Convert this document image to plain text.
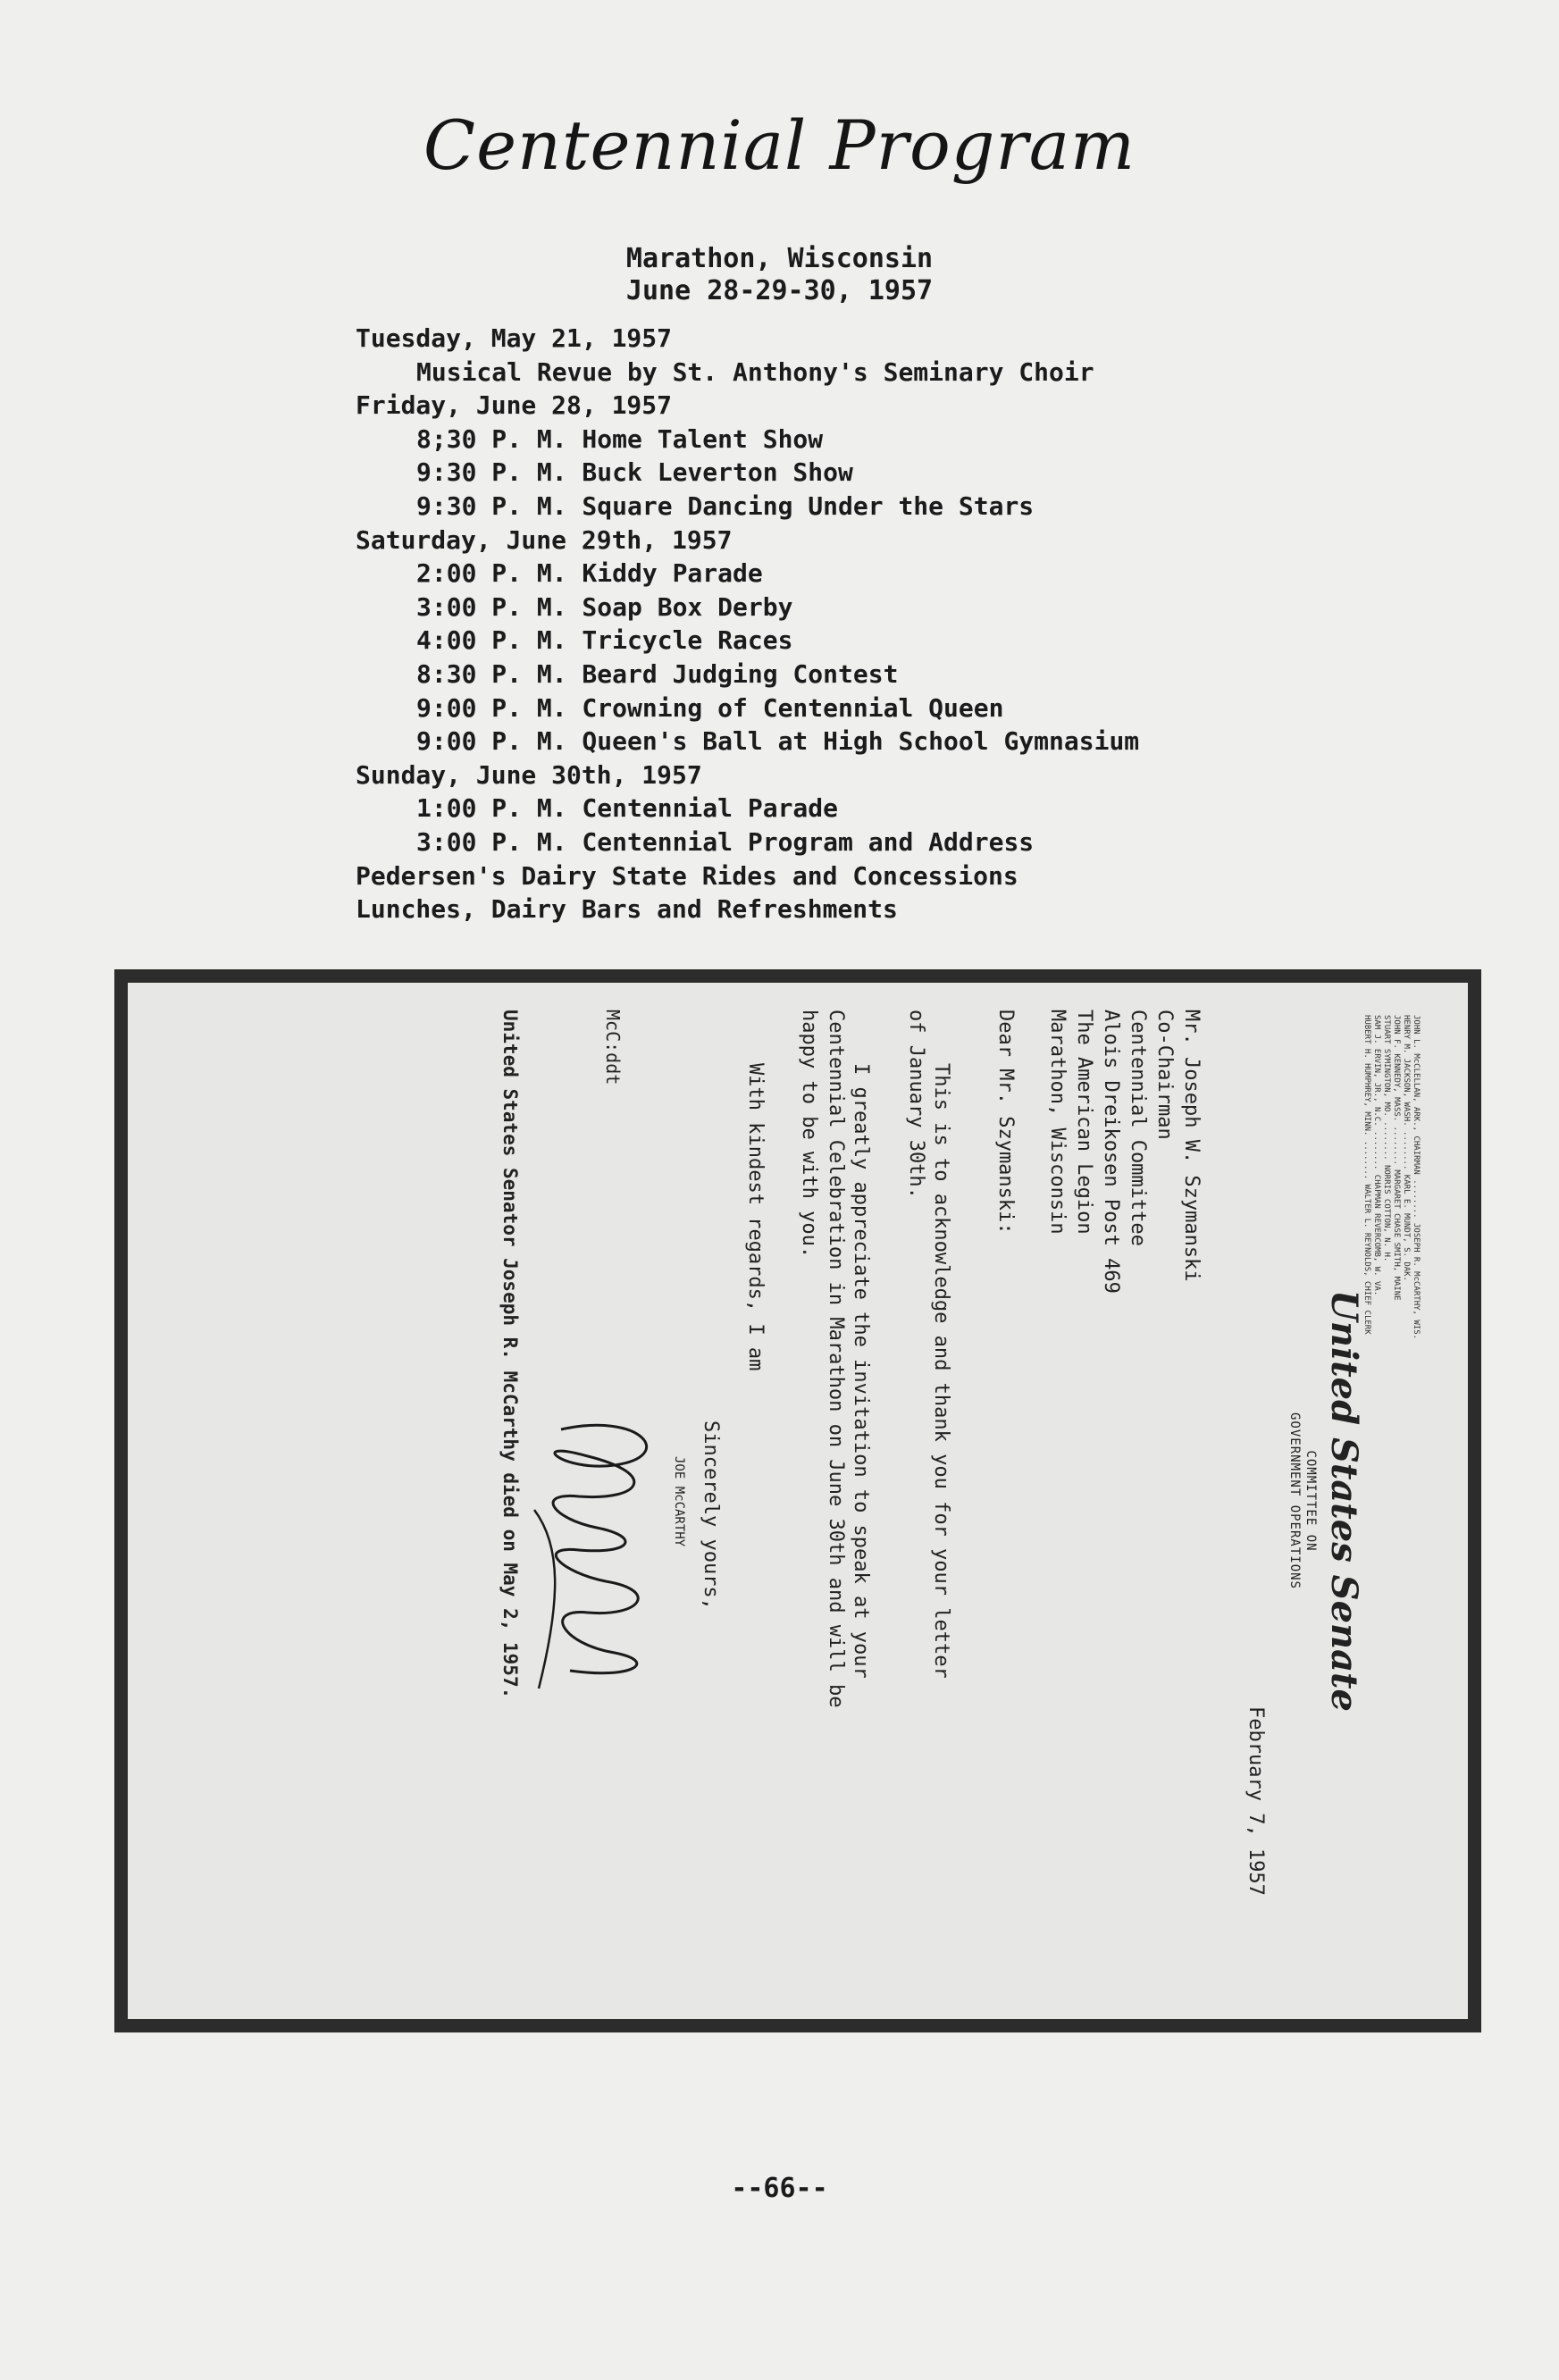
Centennial Program
Marathon, Wisconsin
June 28-29-30, 1957
Tuesday, May 21, 1957
Musical Revue by St. Anthony's Seminary Choir
Friday, June 28, 1957
8;30 P. M. Home Talent Show
9:30 P. M. Buck Leverton Show
9:30 P. M. Square Dancing Under the Stars
Saturday, June 29th, 1957
2:00 P. M. Kiddy Parade
3:00 P. M. Soap Box Derby
4:00 P. M. Tricycle Races
8:30 P. M. Beard Judging Contest
9:00 P. M. Crowning of Centennial Queen
9:00 P. M. Queen's Ball at High School Gymnasium
Sunday, June 30th, 1957
1:00 P. M. Centennial Parade
3:00 P. M. Centennial Program and Address
Pedersen's Dairy State Rides and Concessions
Lunches, Dairy Bars and Refreshments
JOHN L. McCLELLAN, ARK., CHAIRMAN ........ JOSEPH R. McCARTHY, WIS.
HENRY M. JACKSON, WASH. ........ KARL E. MUNDT, S. DAK.
JOHN F. KENNEDY, MASS. ........ MARGARET CHASE SMITH, MAINE
STUART SYMINGTON, MO. ........ NORRIS COTTON, N. H.
SAM J. ERVIN, JR., N.C. ........ CHAPMAN REVERCOMB, W. VA.
HUBERT H. HUMPHREY, MINN. ........ WALTER L. REYNOLDS, CHIEF CLERK
United States Senate
COMMITTEE ON
GOVERNMENT OPERATIONS
February 7, 1957
Mr. Joseph W. Szymanski
Co-Chairman
Centennial Committee
Alois Dreikosen Post 469
The American Legion
Marathon, Wisconsin
Dear Mr. Szymanski:
This is to acknowledge and thank you for your letter
of January 30th.
I greatly appreciate the invitation to speak at your
Centennial Celebration in Marathon on June 30th and will be
happy to be with you.
With kindest regards, I am
Sincerely yours,
JOE McCARTHY
McC:ddt
United States Senator Joseph R. McCarthy died on May 2, 1957.
--66--
